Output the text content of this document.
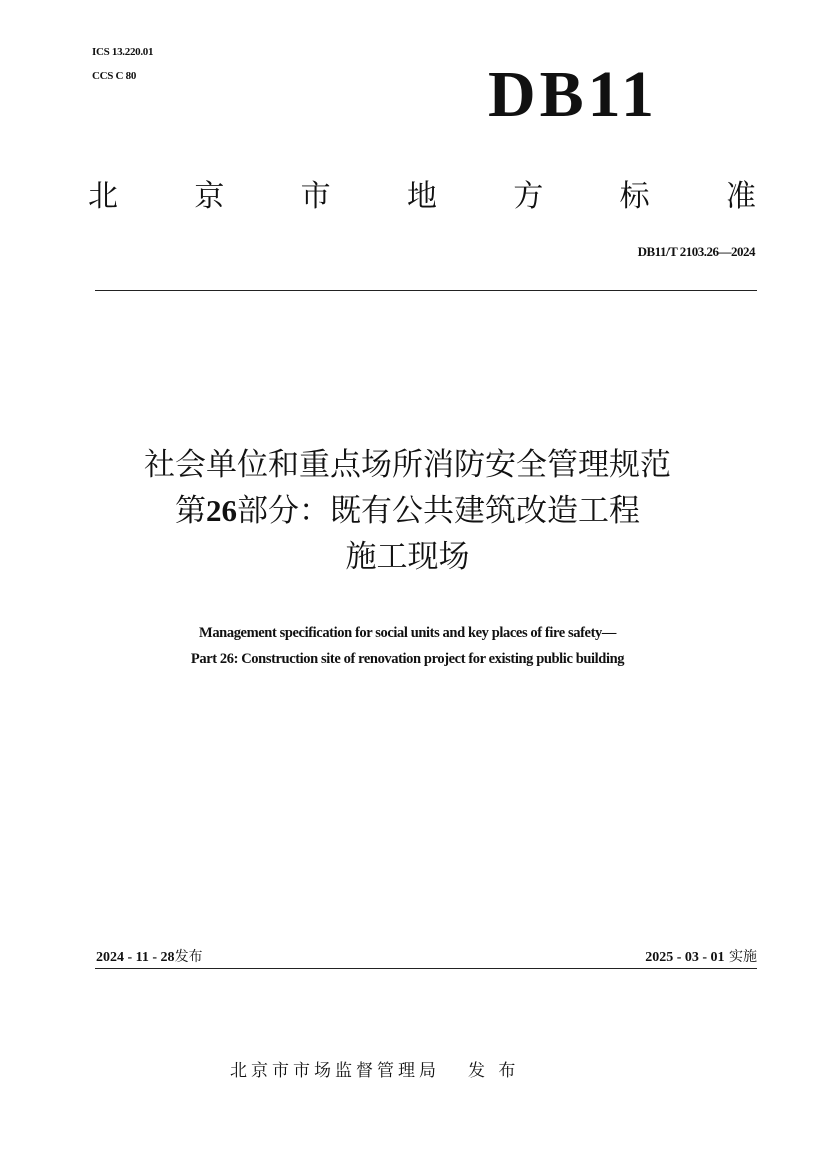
ICS 13.220.01
CCS C 80	DB11
北	京	市	地	方	标	准
DB11/T 2103.26—2024
社会单位和重点场所消防安全管理规范
第26部分：既有公共建筑改造工程
施工现场
Management specification for social units and key places of fire safety—
Part 26: Construction site of renovation project for existing public building
2024 - 11 - 28发布	2025 - 03 - 01 实施
北京市市场监督管理局 发 布
